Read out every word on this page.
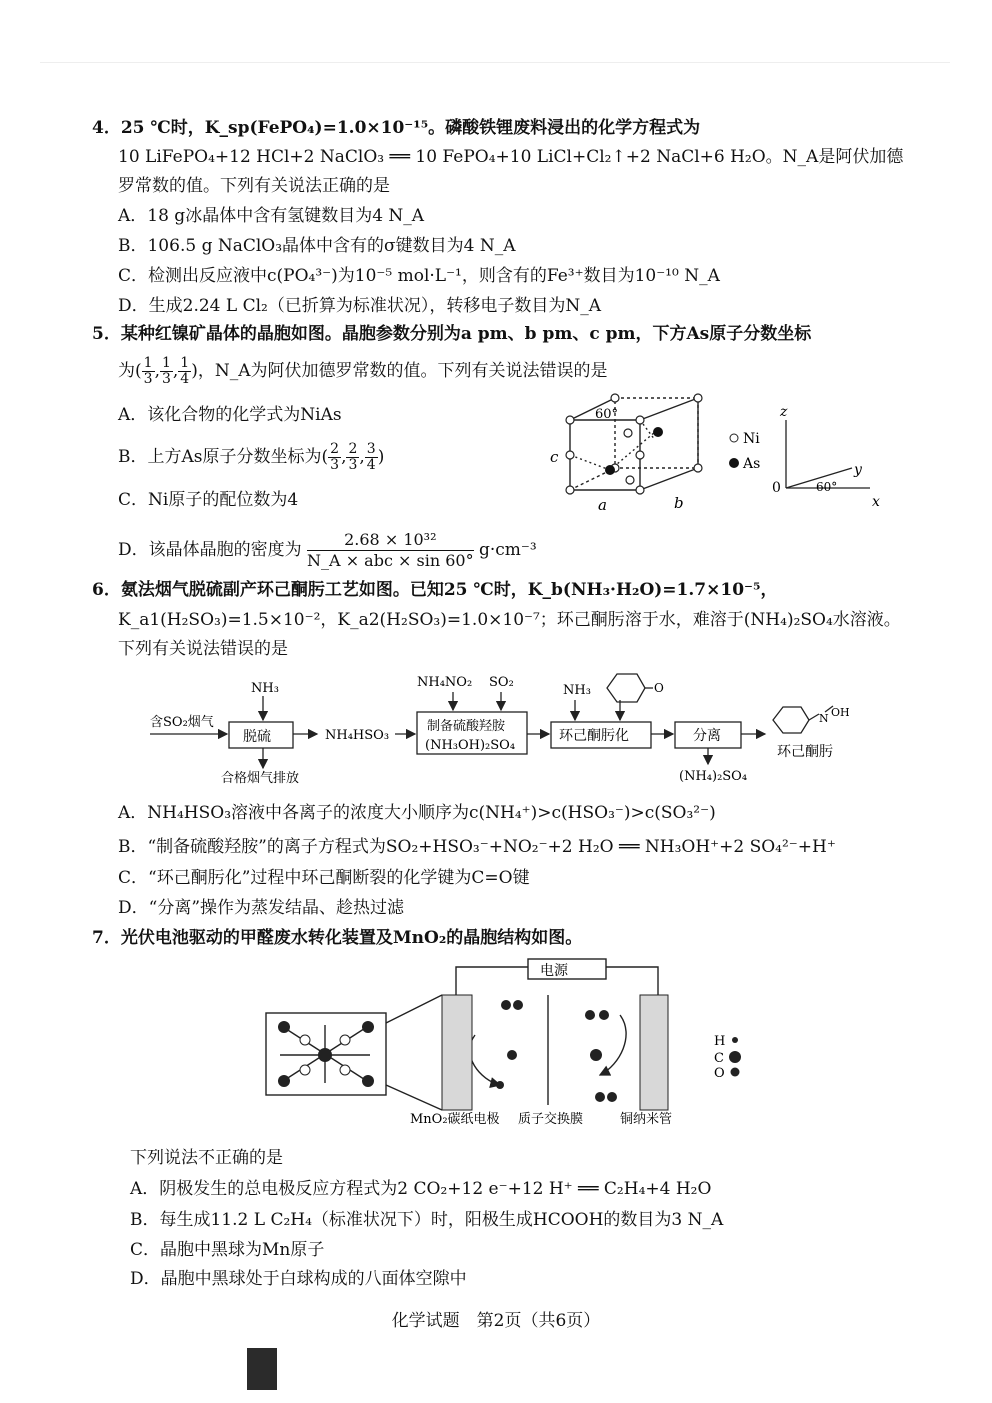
4．25 ℃时，K_sp(FePO₄)=1.0×10⁻¹⁵。磷酸铁锂废料浸出的化学方程式为
10 LiFePO₄+12 HCl+2 NaClO₃ ══ 10 FePO₄+10 LiCl+Cl₂↑+2 NaCl+6 H₂O。N_A是阿伏加德
罗常数的值。下列有关说法正确的是
A．18 g冰晶体中含有氢键数目为4 N_A
B．106.5 g NaClO₃晶体中含有的σ键数目为4 N_A
C．检测出反应液中c(PO₄³⁻)为10⁻⁵ mol·L⁻¹，则含有的Fe³⁺数目为10⁻¹⁰ N_A
D．生成2.24 L Cl₂（已折算为标准状况），转移电子数目为N_A
5．某种红镍矿晶体的晶胞如图。晶胞参数分别为a pm、b pm、c pm，下方As原子分数坐标
为( $\frac{1}{3}$ , $\frac{1}{3}$ , $\frac{1}{4}$ )，N_A为阿伏加德罗常数的值。下列有关说法错误的是
A．该化合物的化学式为NiAs
B．上方As原子分数坐标为( $\frac{2}{3}$ , $\frac{2}{3}$ , $\frac{3}{4}$ )
C．Ni原子的配位数为4
D．该晶体晶胞的密度为 $\frac{\text{2.68 × 10³²}}{\text{N\_A × abc × sin 60°}} g\cdot cm^{-3}$
60°
c
a	b
Ni
As
z
y
x
0	60°
6．氨法烟气脱硫副产环己酮肟工艺如图。已知25 ℃时，K_b(NH₃·H₂O)=1.7×10⁻⁵，
K_a1(H₂SO₃)=1.5×10⁻²，K_a2(H₂SO₃)=1.0×10⁻⁷；环己酮肟溶于水，难溶于(NH₄)₂SO₄水溶液。
下列有关说法错误的是
含SO₂烟气
NH₃
脱硫
合格烟气排放
NH₄HSO₃
NH₄NO₂ SO₂
制备硫酸羟胺
(NH₃OH)₂SO₄
NH₃	O
环己酮肟化	分离
(NH₄)₂SO₄
N OH
环己酮肟
A．NH₄HSO₃溶液中各离子的浓度大小顺序为c(NH₄⁺)>c(HSO₃⁻)>c(SO₃²⁻)
B．“制备硫酸羟胺”的离子方程式为SO₂+HSO₃⁻+NO₂⁻+2 H₂O ══ NH₃OH⁺+2 SO₄²⁻+H⁺
C．“环己酮肟化”过程中环己酮断裂的化学键为C=O键
D．“分离”操作为蒸发结晶、趁热过滤
7．光伏电池驱动的甲醛废水转化装置及MnO₂的晶胞结构如图。
电源
MnO₂碳纸电极 质子交换膜	铜纳米管
H
C
O
下列说法不正确的是
A．阴极发生的总电极反应方程式为2 CO₂+12 e⁻+12 H⁺ ══ C₂H₄+4 H₂O
B．每生成11.2 L C₂H₄（标准状况下）时，阳极生成HCOOH的数目为3 N_A
C．晶胞中黑球为Mn原子
D．晶胞中黑球处于白球构成的八面体空隙中
化学试题　第2页（共6页）
